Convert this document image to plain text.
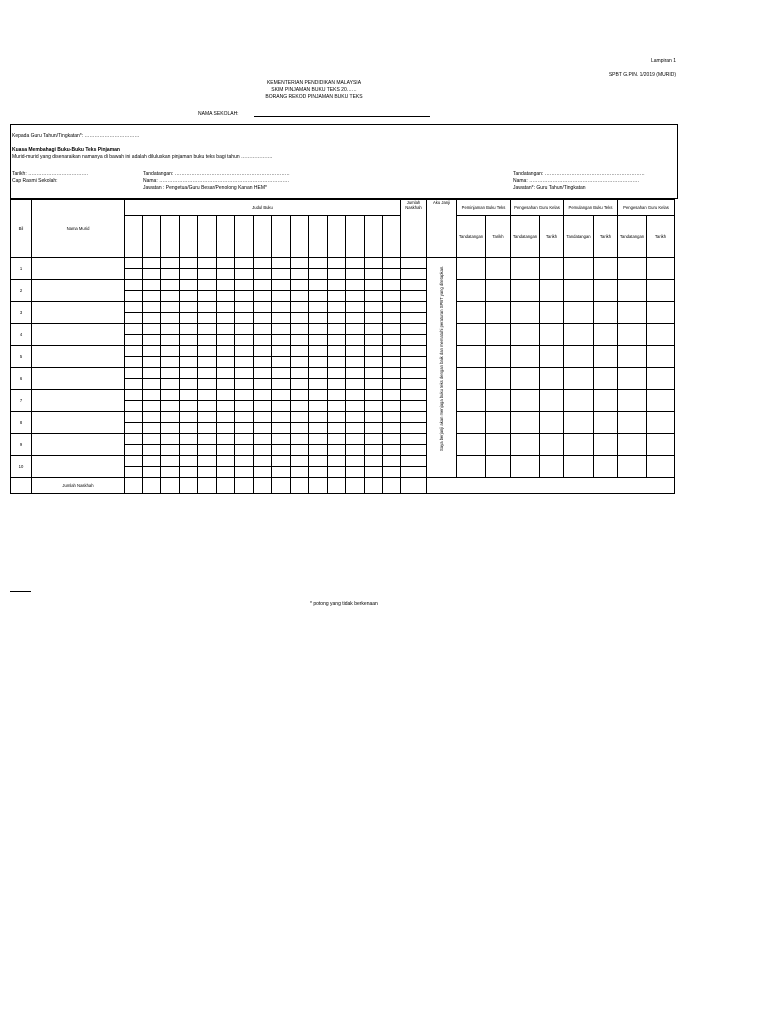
Lampiran 1
SPBT G.PIN. 1/2019 (MURID)
KEMENTERIAN PENDIDIKAN MALAYSIA
SKIM PINJAMAN BUKU TEKS 20……
BORANG REKOD PINJAMAN BUKU TEKS
NAMA SEKOLAH:
Kepada Guru Tahun/Tingkatan*: ……………………………
Kuasa Membahagi Buku-Buku Teks Pinjaman
Murid-murid yang disenaraikan namanya di bawah ini adalah diluluskan pinjaman buku teks bagi tahun ……………….
Tarikh: ………………………………
Cap Rasmi Sekolah:
Tandatangan: ……………………………………………………………
Nama: ……………………………………………………………………
Jawatan : Pengetua/Guru Besar/Penolong Kanan HEM*
Tandatangan: ……………………………………………………
Nama: …………………………………………………………
Jawatan*: Guru Tahun/Tingkatan
Bil	Nama Murid	Judul Buku															Jumlah Naskhah	Aku Janji	Peminjaman Buku Teks		Pengesahan Guru Kelas		Pemulangan Buku Teks		Pengesahan Guru Kelas	
																			Tandatangan	Tarikh	Tandatangan	Tarikh	Tandatangan	Tarikh	Tandatangan	Tarikh
1																		Saya berjanji akan menjaga buku teks dengan baik dan mematuhi peraturan SPBT yang ditetapkan.								

2																										

3																										

4																										

5																										

6																										

7																										

8																										

9																										

10																										

	Jumlah Naskhah																									
* potong yang tidak berkenaan
